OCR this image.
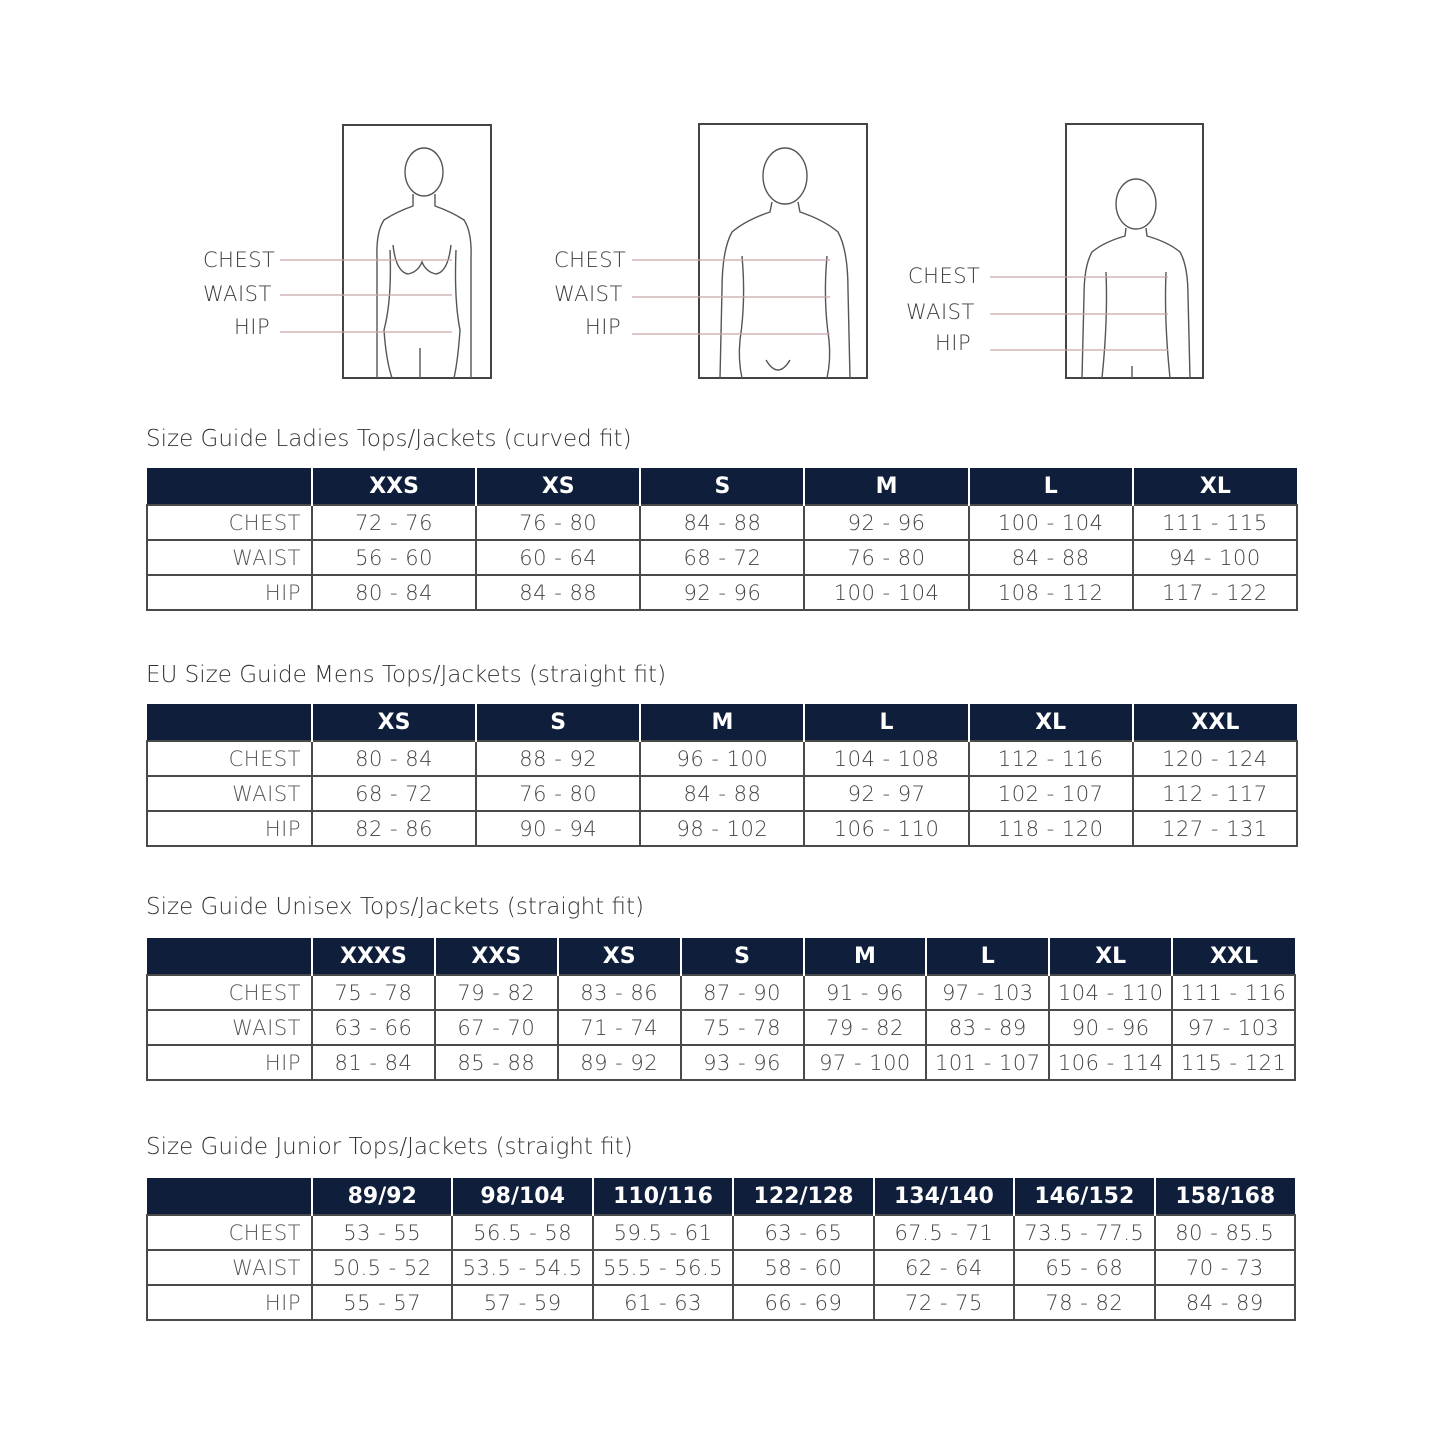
CHEST
WAIST
HIP
CHEST
WAIST
HIP
CHEST
WAIST
HIP
Size Guide Ladies Tops/Jackets (curved fit)
	XXS	XS	S	M	L	XL
CHEST	72 - 76	76 - 80	84 - 88	92 - 96	100 - 104	111 - 115
WAIST	56 - 60	60 - 64	68 - 72	76 - 80	84 - 88	94 - 100
HIP	80 - 84	84 - 88	92 - 96	100 - 104	108 - 112	117 - 122
EU Size Guide Mens Tops/Jackets (straight fit)
	XS	S	M	L	XL	XXL
CHEST	80 - 84	88 - 92	96 - 100	104 - 108	112 - 116	120 - 124
WAIST	68 - 72	76 - 80	84 - 88	92 - 97	102 - 107	112 - 117
HIP	82 - 86	90 - 94	98 - 102	106 - 110	118 - 120	127 - 131
Size Guide Unisex Tops/Jackets (straight fit)
	XXXS	XXS	XS	S	M	L	XL	XXL
CHEST	75 - 78	79 - 82	83 - 86	87 - 90	91 - 96	97 - 103	104 - 110	111 - 116
WAIST	63 - 66	67 - 70	71 - 74	75 - 78	79 - 82	83 - 89	90 - 96	97 - 103
HIP	81 - 84	85 - 88	89 - 92	93 - 96	97 - 100	101 - 107	106 - 114	115 - 121
Size Guide Junior Tops/Jackets (straight fit)
	89/92	98/104	110/116	122/128	134/140	146/152	158/168
CHEST	53 - 55	56.5 - 58	59.5 - 61	63 - 65	67.5 - 71	73.5 - 77.5	80 - 85.5
WAIST	50.5 - 52	53.5 - 54.5	55.5 - 56.5	58 - 60	62 - 64	65 - 68	70 - 73
HIP	55 - 57	57 - 59	61 - 63	66 - 69	72 - 75	78 - 82	84 - 89
